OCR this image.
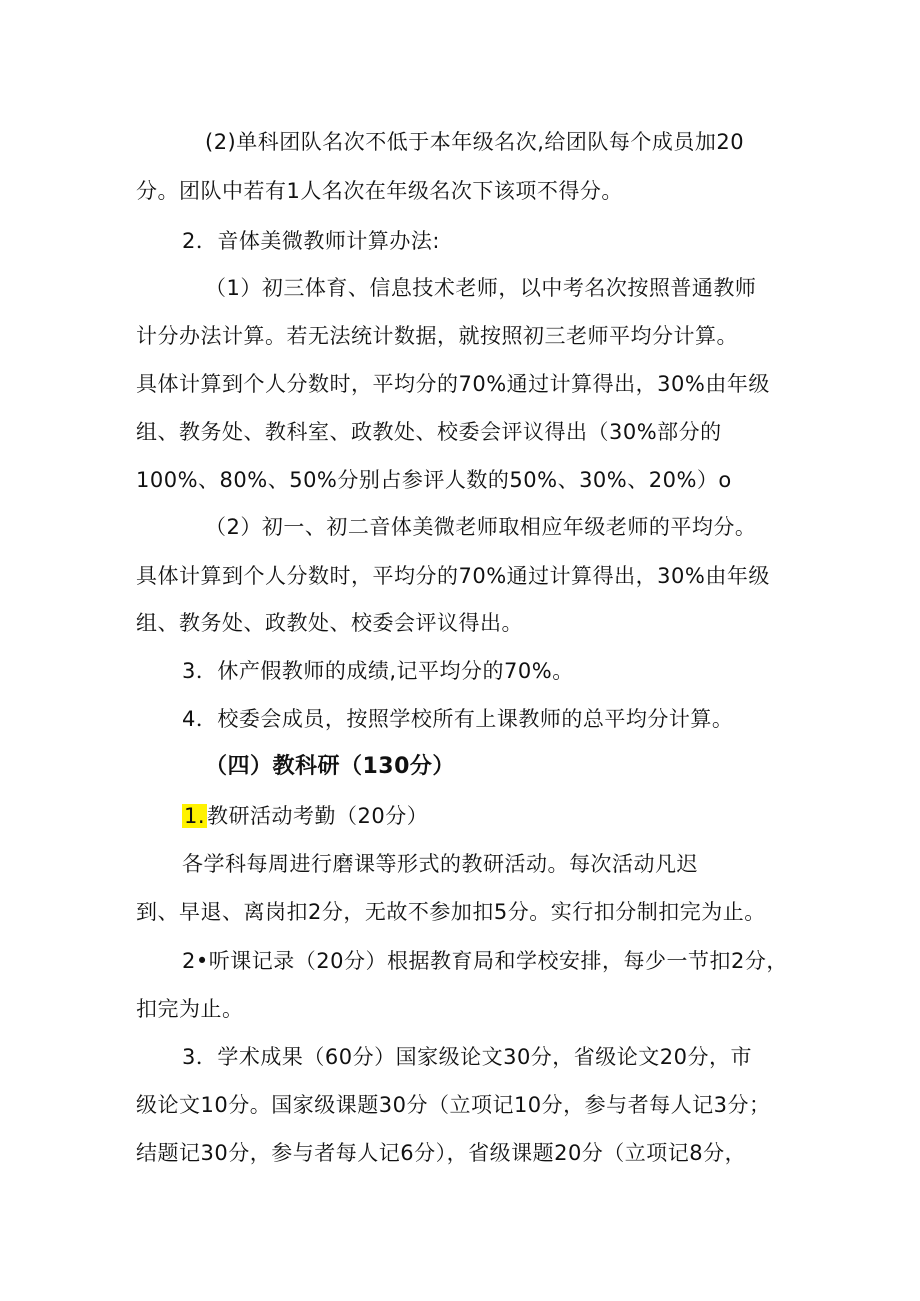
(2)单科团队名次不低于本年级名次,给团队每个成员加20
分。团队中若有1人名次在年级名次下该项不得分。
2．音体美微教师计算办法:
（1）初三体育、信息技术老师，以中考名次按照普通教师
计分办法计算。若无法统计数据，就按照初三老师平均分计算。
具体计算到个人分数时，平均分的70%通过计算得出，30%由年级
组、教务处、教科室、政教处、校委会评议得出（30%部分的
100%、80%、50%分别占参评人数的50%、30%、20%）o
（2）初一、初二音体美微老师取相应年级老师的平均分。
具体计算到个人分数时，平均分的70%通过计算得出，30%由年级
组、教务处、政教处、校委会评议得出。
3．休产假教师的成绩,记平均分的70%。
4．校委会成员，按照学校所有上课教师的总平均分计算。
（四）教科研（130分）
1.教研活动考勤（20分）
各学科每周进行磨课等形式的教研活动。每次活动凡迟
到、早退、离岗扣2分，无故不参加扣5分。实行扣分制扣完为止。
2•听课记录（20分）根据教育局和学校安排，每少一节扣2分，
扣完为止。
3．学术成果（60分）国家级论文30分，省级论文20分，市
级论文10分。国家级课题30分（立项记10分，参与者每人记3分；
结题记30分，参与者每人记6分），省级课题20分（立项记8分，
